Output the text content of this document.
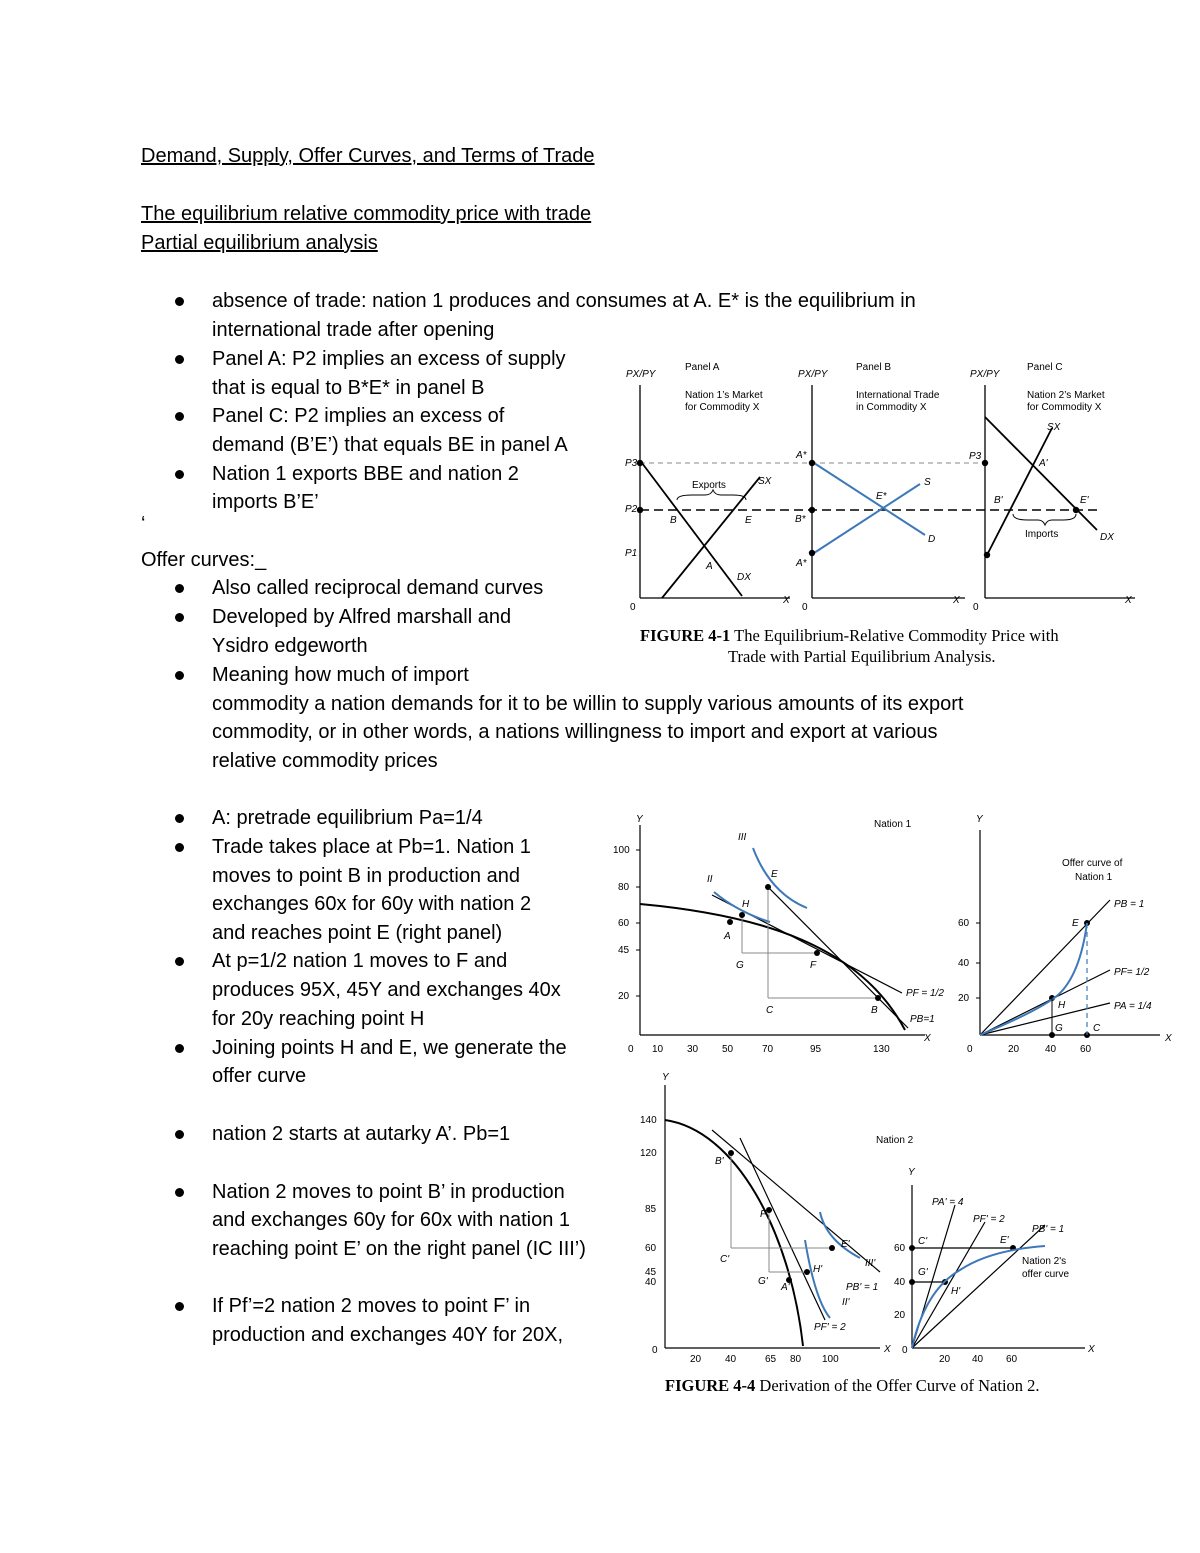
Demand, Supply, Offer Curves, and Terms of Trade
The equilibrium relative commodity price with trade
Partial equilibrium analysis
absence of trade: nation 1 produces and consumes at A. E* is the equilibrium in
international trade after opening
Panel A: P2 implies an excess of supply
that is equal to B*E* in panel B
Panel C: P2 implies an excess of
demand (B’E’) that equals BE in panel A
Nation 1 exports BBE and nation 2
imports B’E’
‘
Offer curves:_
Also called reciprocal demand curves
Developed by Alfred marshall and
Ysidro edgeworth
Meaning how much of import
commodity a nation demands for it to be willin to supply various amounts of its export
commodity, or in other words, a nations willingness to import and export at various
relative commodity prices
A: pretrade equilibrium Pa=1/4
Trade takes place at Pb=1. Nation 1
moves to point B in production and
exchanges 60x for 60y with nation 2
and reaches point E (right panel)
At p=1/2 nation 1 moves to F and
produces 95X, 45Y and exchanges 40x
for 20y reaching point H
Joining points H and E, we generate the
offer curve
nation 2 starts at autarky A’. Pb=1
Nation 2 moves to point B’ in production
and exchanges 60y for 60x with nation 1
reaching point E’ on the right panel (IC III’)
If Pf’=2 nation 2 moves to point F’ in
production and exchanges 40Y for 20X,
PX/PY	PX/PY	PX/PY
Panel A
Nation 1’s Market
for Commodity X
Panel B
International Trade
in Commodity X
Panel C
Nation 2’s Market
for Commodity X
P3
P2
P1
P3
Exports
Imports
SX
DX
SX
DX
S
D
A
B	E
A*
B*
E*
A*
A'
B'	E'
0	0	0
X	X	X
FIGURE 4-1 The Equilibrium-Relative Commodity Price with
Trade with Partial Equilibrium Analysis.
Y	Y
Nation 1
Offer curve of
Nation 1
100
80
60
45
20
0 10 30 50	70	95	130
60
40
20
0	20	40 60
X	X
A
H
E
G	F
C	B
II
III
PF = 1/2
PB=1
PB = 1
PF= 1/2
PA = 1/4
E
H
G	C
Y
Y
Nation 2
140
120
85
60
45
40
0
20 40	65 80 100
X	X
60
40
20
0
20 40 60
B'
F'
C'
G'
A'
H'
E'
III'
II'
PB' = 1
PF' = 2
PA' = 4
PF' = 2
PB' = 1
C'
G'
E'
H'
Nation 2's
offer curve
FIGURE 4-4 Derivation of the Offer Curve of Nation 2.
